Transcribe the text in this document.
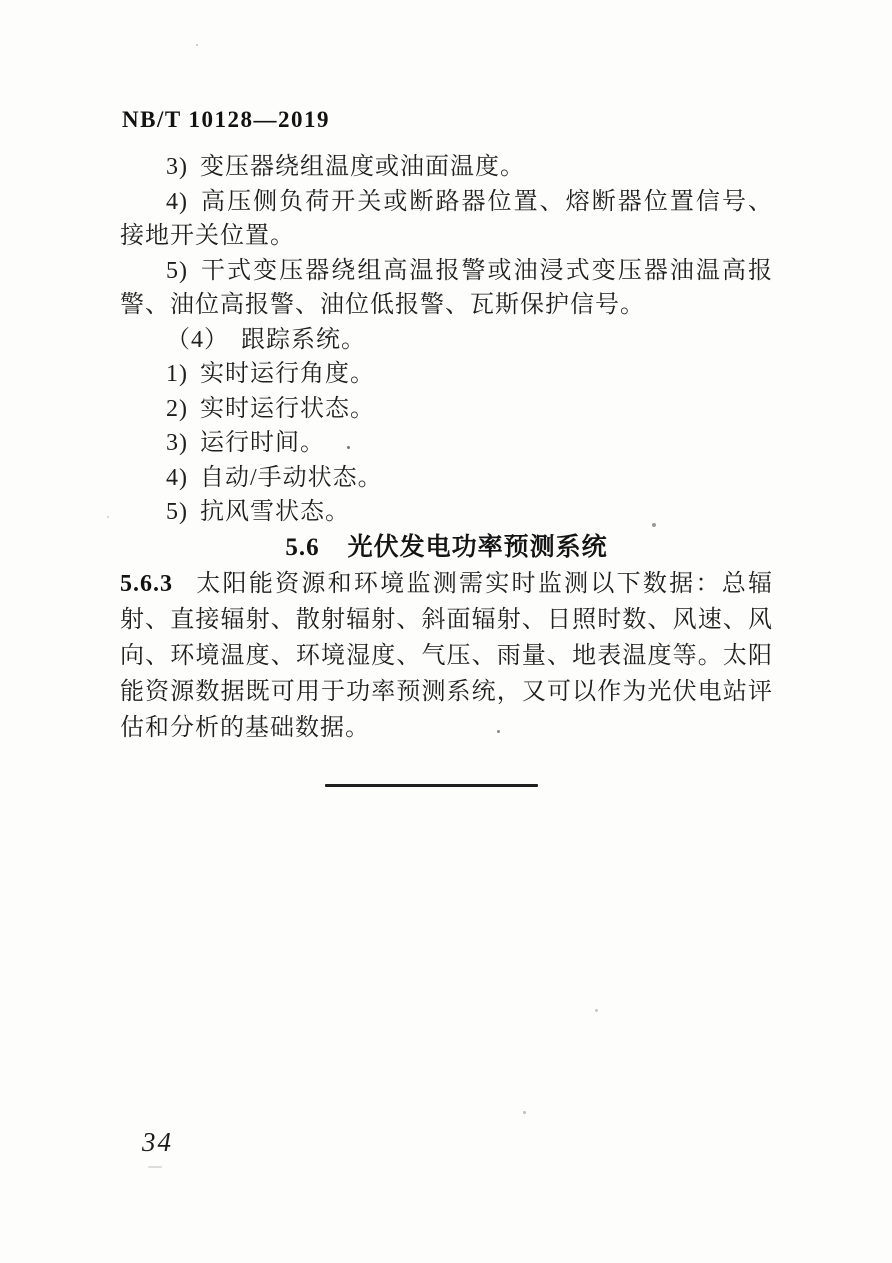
NB/T 10128—2019

3) 变压器绕组温度或油面温度。

4) 高压侧负荷开关或断路器位置、熔断器位置信号、接地开关位置。

5) 干式变压器绕组高温报警或油浸式变压器油温高报警、油位高报警、油位低报警、瓦斯保护信号。

（4） 跟踪系统。

1) 实时运行角度。

2) 实时运行状态。

3) 运行时间。

4) 自动/手动状态。

5) 抗风雪状态。

5.6 光伏发电功率预测系统

5.6.3 太阳能资源和环境监测需实时监测以下数据：总辐射、直接辐射、散射辐射、斜面辐射、日照时数、风速、风向、环境温度、环境湿度、气压、雨量、地表温度等。太阳能资源数据既可用于功率预测系统，又可以作为光伏电站评估和分析的基础数据。

34
